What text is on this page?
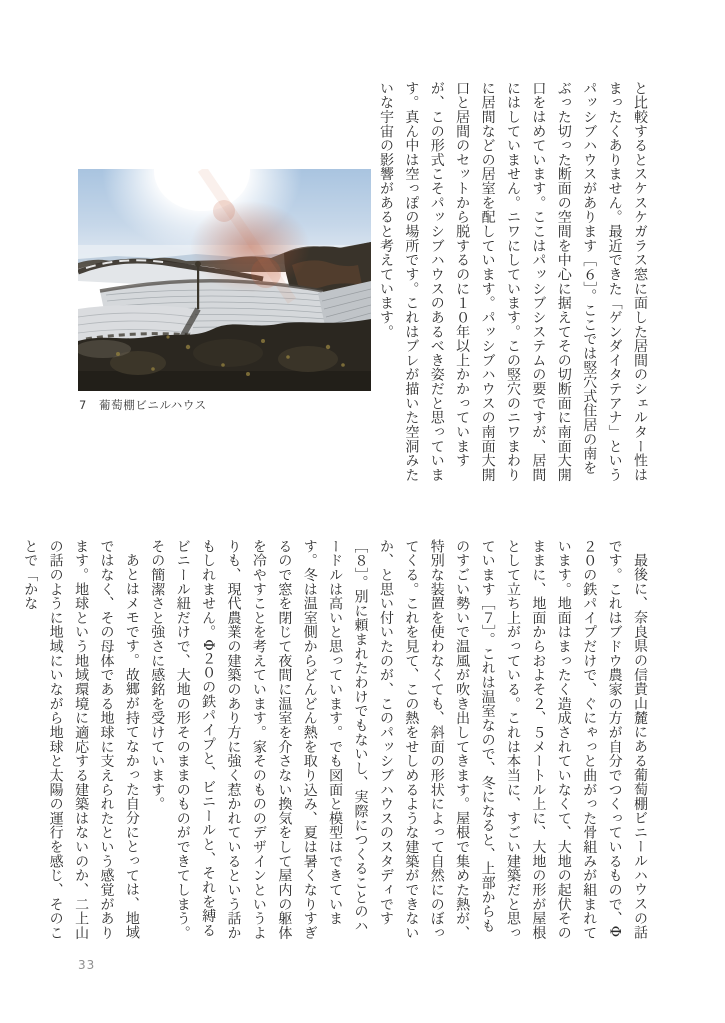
と比較するとスケスケガラス窓に面した居間のシェルター性はまったくありません。最近できた「ゲンダイタテアナ」というパッシブハウスがあります［６］。ここでは竪穴式住居の南をぶった切った断面の空間を中心に据えてその切断面に南面大開口をはめています。ここはパッシブシステムの要ですが、居間にはしていません。ニワにしています。この竪穴のニワまわりに居間などの居室を配しています。パッシブハウスの南面大開口と居間のセットから脱するのに１０年以上かかっていますが、この形式こそパッシブハウスのあるべき姿だと思っています。真ん中は空っぽの場所です。これはブレが描いた空洞みたいな宇宙の影響があると考えています。

7　葡萄棚ビニルハウス

最後に、奈良県の信貴山麓にある葡萄棚ビニールハウスの話です。これはブドウ農家の方が自分でつくっているもので、Φ２０の鉄パイプだけで、ぐにゃっと曲がった骨組みが組まれています。地面はまったく造成されていなくて、大地の起伏そのままに、地面からおよそ２、５メートル上に、大地の形が屋根として立ち上がっている。これは本当に、すごい建築だと思っています［７］。これは温室なので、冬になると、上部からものすごい勢いで温風が吹き出してきます。屋根で集めた熱が、特別な装置を使わなくても、斜面の形状によって自然にのぼってくる。これを見て、この熱をせしめるような建築ができないか、と思い付いたのが、このパッシブハウスのスタディです［８］。別に頼まれたわけでもないし、実際につくることのハードルは高いと思っています。でも図面と模型はできています。冬は温室側からどんどん熱を取り込み、夏は暑くなりすぎるので窓を閉じて夜間に温室を介さない換気をして屋内の躯体を冷やすことを考えています。家そのもののデザインというよりも、現代農業の建築のあり方に強く惹かれているという話かもしれません。Φ２０の鉄パイプと、ビニールと、それを縛るビニール紐だけで、大地の形そのままのものができてしまう。その簡潔さと強さに感銘を受けています。

あとはメモです。故郷が持てなかった自分にとっては、地域ではなく、その母体である地球に支えられたという感覚があります。地球という地域環境に適応する建築はないのか、二上山の話のように地域にいながら地球と太陽の運行を感じ、そのことで「かな

33
